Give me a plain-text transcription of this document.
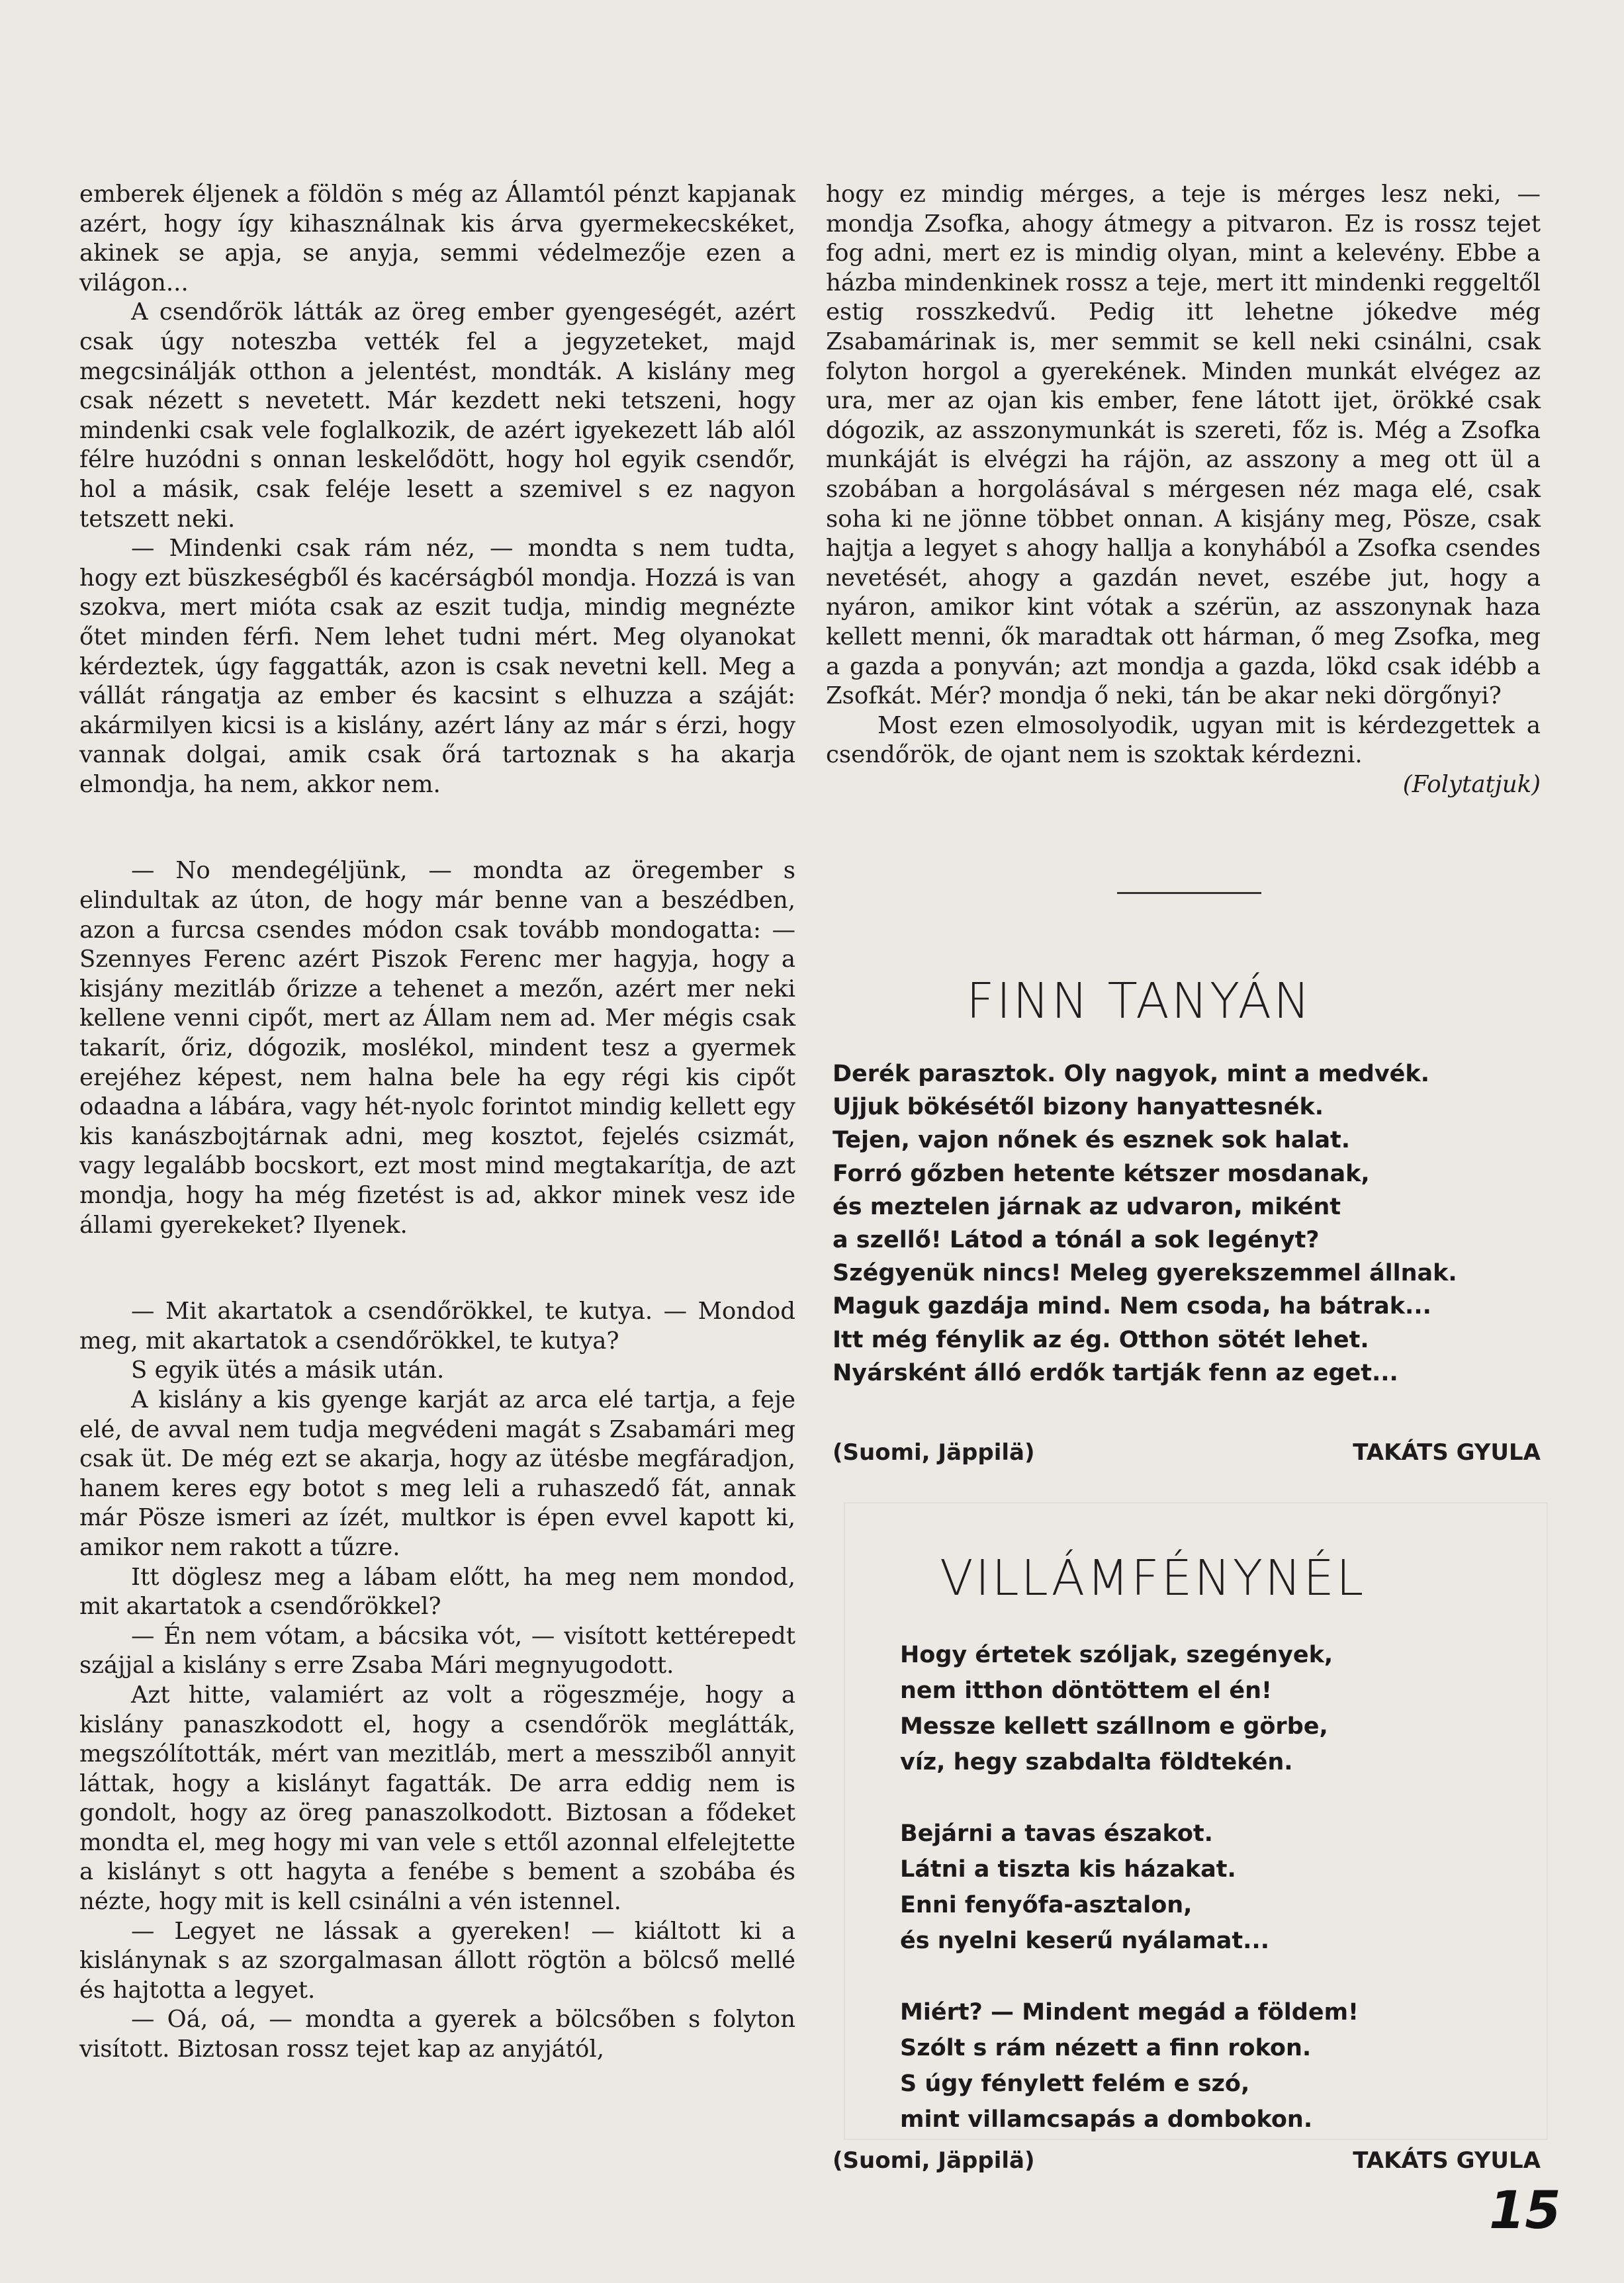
emberek éljenek a földön s még az Államtól pénzt kapjanak azért, hogy így kihasználnak kis árva gyermekecskéket, akinek se apja, se anyja, semmi védelmezője ezen a világon...

A csendőrök látták az öreg ember gyengeségét, azért csak úgy noteszba vették fel a jegyzeteket, majd megcsinálják otthon a jelentést, mondták. A kislány meg csak nézett s nevetett. Már kezdett neki tetszeni, hogy mindenki csak vele foglalkozik, de azért igyekezett láb alól félre huzódni s onnan leskelődött, hogy hol egyik csendőr, hol a másik, csak feléje lesett a szemivel s ez nagyon tetszett neki.

— Mindenki csak rám néz, — mondta s nem tudta, hogy ezt büszkeségből és kacérságból mondja. Hozzá is van szokva, mert mióta csak az eszit tudja, mindig megnézte őtet minden férfi. Nem lehet tudni mért. Meg olyanokat kérdeztek, úgy faggatták, azon is csak nevetni kell. Meg a vállát rángatja az ember és kacsint s elhuzza a száját: akármilyen kicsi is a kislány, azért lány az már s érzi, hogy vannak dolgai, amik csak őrá tartoznak s ha akarja elmondja, ha nem, akkor nem.

— No mendegéljünk, — mondta az öregember s elindultak az úton, de hogy már benne van a beszédben, azon a furcsa csendes módon csak tovább mondogatta: — Szennyes Ferenc azért Piszok Ferenc mer hagyja, hogy a kisjány mezitláb őrizze a tehenet a mezőn, azért mer neki kellene venni cipőt, mert az Állam nem ad. Mer mégis csak takarít, őriz, dógozik, moslékol, mindent tesz a gyermek erejéhez képest, nem halna bele ha egy régi kis cipőt odaadna a lábára, vagy hét-nyolc forintot mindig kellett egy kis kanászbojtárnak adni, meg kosztot, fejelés csizmát, vagy legalább bocskort, ezt most mind megtakarítja, de azt mondja, hogy ha még fizetést is ad, akkor minek vesz ide állami gyerekeket? Ilyenek.

— Mit akartatok a csendőrökkel, te kutya. — Mondod meg, mit akartatok a csendőrökkel, te kutya?

S egyik ütés a másik után.

A kislány a kis gyenge karját az arca elé tartja, a feje elé, de avval nem tudja megvédeni magát s Zsabamári meg csak üt. De még ezt se akarja, hogy az ütésbe megfáradjon, hanem keres egy botot s meg leli a ruhaszedő fát, annak már Pösze ismeri az ízét, multkor is épen evvel kapott ki, amikor nem rakott a tűzre.

Itt döglesz meg a lábam előtt, ha meg nem mondod, mit akartatok a csendőrökkel?

— Én nem vótam, a bácsika vót, — visított kettérepedt szájjal a kislány s erre Zsaba Mári megnyugodott.

Azt hitte, valamiért az volt a rögeszméje, hogy a kislány panaszkodott el, hogy a csendőrök meglátták, megszólították, mért van mezitláb, mert a messziből annyit láttak, hogy a kislányt fagatták. De arra eddig nem is gondolt, hogy az öreg panaszolkodott. Biztosan a fődeket mondta el, meg hogy mi van vele s ettől azonnal elfelejtette a kislányt s ott hagyta a fenébe s bement a szobába és nézte, hogy mit is kell csinálni a vén istennel.

— Legyet ne lássak a gyereken! — kiáltott ki a kislánynak s az szorgalmasan állott rögtön a bölcső mellé és hajtotta a legyet.

— Oá, oá, — mondta a gyerek a bölcsőben s folyton visított. Biztosan rossz tejet kap az anyjától,

hogy ez mindig mérges, a teje is mérges lesz neki, — mondja Zsofka, ahogy átmegy a pitvaron. Ez is rossz tejet fog adni, mert ez is mindig olyan, mint a kelevény. Ebbe a házba mindenkinek rossz a teje, mert itt mindenki reggeltől estig rosszkedvű. Pedig itt lehetne jókedve még Zsabamárinak is, mer semmit se kell neki csinálni, csak folyton horgol a gyerekének. Minden munkát elvégez az ura, mer az ojan kis ember, fene látott ijet, örökké csak dógozik, az asszonymunkát is szereti, főz is. Még a Zsofka munkáját is elvégzi ha rájön, az asszony a meg ott ül a szobában a horgolásával s mérgesen néz maga elé, csak soha ki ne jönne többet onnan. A kisjány meg, Pösze, csak hajtja a legyet s ahogy hallja a konyhából a Zsofka csendes nevetését, ahogy a gazdán nevet, eszébe jut, hogy a nyáron, amikor kint vótak a szérün, az asszonynak haza kellett menni, ők maradtak ott hárman, ő meg Zsofka, meg a gazda a ponyván; azt mondja a gazda, lökd csak idébb a Zsofkát. Mér? mondja ő neki, tán be akar neki dörgőnyi?

Most ezen elmosolyodik, ugyan mit is kérdezgettek a csendőrök, de ojant nem is szoktak kérdezni.

(Folytatjuk)

FINN TANYÁN
Derék parasztok. Oly nagyok, mint a medvék.
Ujjuk bökésétől bizony hanyattesnék.
Tejen, vajon nőnek és esznek sok halat.
Forró gőzben hetente kétszer mosdanak,
és meztelen járnak az udvaron, miként
a szellő! Látod a tónál a sok legényt?
Szégyenük nincs! Meleg gyerekszemmel állnak.
Maguk gazdája mind. Nem csoda, ha bátrak...
Itt még fénylik az ég. Otthon sötét lehet.
Nyársként álló erdők tartják fenn az eget...
(Suomi, Jäppilä)	TAKÁTS GYULA
VILLÁMFÉNYNÉL
Hogy értetek szóljak, szegények,
nem itthon döntöttem el én!
Messze kellett szállnom e görbe,
víz, hegy szabdalta földtekén.
Bejárni a tavas északot.
Látni a tiszta kis házakat.
Enni fenyőfa-asztalon,
és nyelni keserű nyálamat...
Miért? — Mindent megád a földem!
Szólt s rám nézett a finn rokon.
S úgy fénylett felém e szó,
mint villamcsapás a dombokon.
(Suomi, Jäppilä)	TAKÁTS GYULA
15
